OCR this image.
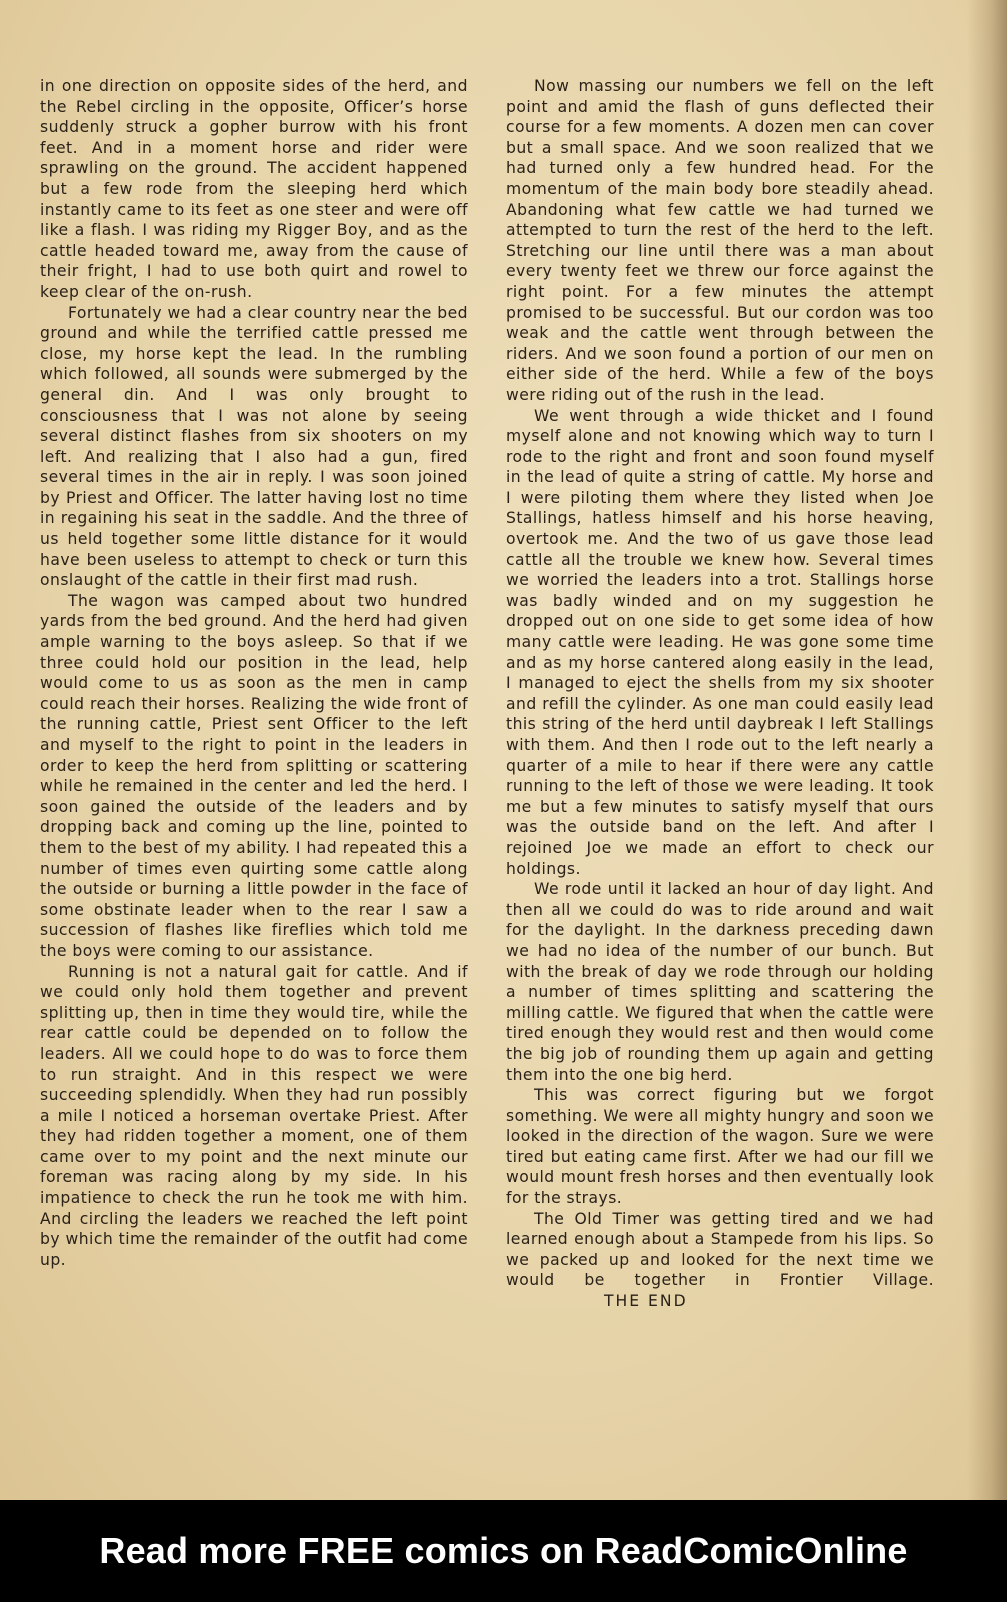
in one direction on opposite sides of the herd, and the Rebel circling in the opposite, Officer’s horse suddenly struck a gopher burrow with his front feet. And in a moment horse and rider were sprawling on the ground. The accident happened but a few rode from the sleeping herd which instantly came to its feet as one steer and were off like a flash. I was riding my Rigger Boy, and as the cattle headed toward me, away from the cause of their fright, I had to use both quirt and rowel to keep clear of the on-rush.

Fortunately we had a clear country near the bed ground and while the terrified cattle pressed me close, my horse kept the lead. In the rumbling which followed, all sounds were submerged by the general din. And I was only brought to consciousness that I was not alone by seeing several distinct flashes from six shooters on my left. And realizing that I also had a gun, fired several times in the air in reply. I was soon joined by Priest and Officer. The latter having lost no time in regaining his seat in the saddle. And the three of us held together some little distance for it would have been useless to attempt to check or turn this onslaught of the cattle in their first mad rush.

The wagon was camped about two hundred yards from the bed ground. And the herd had given ample warning to the boys asleep. So that if we three could hold our position in the lead, help would come to us as soon as the men in camp could reach their horses. Realizing the wide front of the running cattle, Priest sent Officer to the left and myself to the right to point in the leaders in order to keep the herd from splitting or scattering while he remained in the center and led the herd. I soon gained the outside of the leaders and by dropping back and coming up the line, pointed to them to the best of my ability. I had repeated this a number of times even quirting some cattle along the outside or burning a little powder in the face of some obstinate leader when to the rear I saw a succession of flashes like fireflies which told me the boys were coming to our assistance.

Running is not a natural gait for cattle. And if we could only hold them together and prevent splitting up, then in time they would tire, while the rear cattle could be depended on to follow the leaders. All we could hope to do was to force them to run straight. And in this respect we were succeeding splendidly. When they had run possibly a mile I noticed a horseman overtake Priest. After they had ridden together a moment, one of them came over to my point and the next minute our foreman was racing along by my side. In his impatience to check the run he took me with him. And circling the leaders we reached the left point by which time the remainder of the outfit had come up.

Now massing our numbers we fell on the left point and amid the flash of guns deflected their course for a few moments. A dozen men can cover but a small space. And we soon realized that we had turned only a few hundred head. For the momentum of the main body bore steadily ahead. Abandoning what few cattle we had turned we attempted to turn the rest of the herd to the left. Stretching our line until there was a man about every twenty feet we threw our force against the right point. For a few minutes the attempt promised to be successful. But our cordon was too weak and the cattle went through between the riders. And we soon found a portion of our men on either side of the herd. While a few of the boys were riding out of the rush in the lead.

We went through a wide thicket and I found myself alone and not knowing which way to turn I rode to the right and front and soon found myself in the lead of quite a string of cattle. My horse and I were piloting them where they listed when Joe Stallings, hatless himself and his horse heaving, overtook me. And the two of us gave those lead cattle all the trouble we knew how. Several times we worried the leaders into a trot. Stallings horse was badly winded and on my suggestion he dropped out on one side to get some idea of how many cattle were leading. He was gone some time and as my horse cantered along easily in the lead, I managed to eject the shells from my six shooter and refill the cylinder. As one man could easily lead this string of the herd until daybreak I left Stallings with them. And then I rode out to the left nearly a quarter of a mile to hear if there were any cattle running to the left of those we were leading. It took me but a few minutes to satisfy myself that ours was the outside band on the left. And after I rejoined Joe we made an effort to check our holdings.

We rode until it lacked an hour of day light. And then all we could do was to ride around and wait for the daylight. In the darkness preceding dawn we had no idea of the number of our bunch. But with the break of day we rode through our holding a number of times splitting and scattering the milling cattle. We figured that when the cattle were tired enough they would rest and then would come the big job of rounding them up again and getting them into the one big herd.

This was correct figuring but we forgot something. We were all mighty hungry and soon we looked in the direction of the wagon. Sure we were tired but eating came first. After we had our fill we would mount fresh horses and then eventually look for the strays.

The Old Timer was getting tired and we had learned enough about a Stampede from his lips. So we packed up and looked for the next time we would be together in Frontier Village.THE END

Read more FREE comics on ReadComicOnline
